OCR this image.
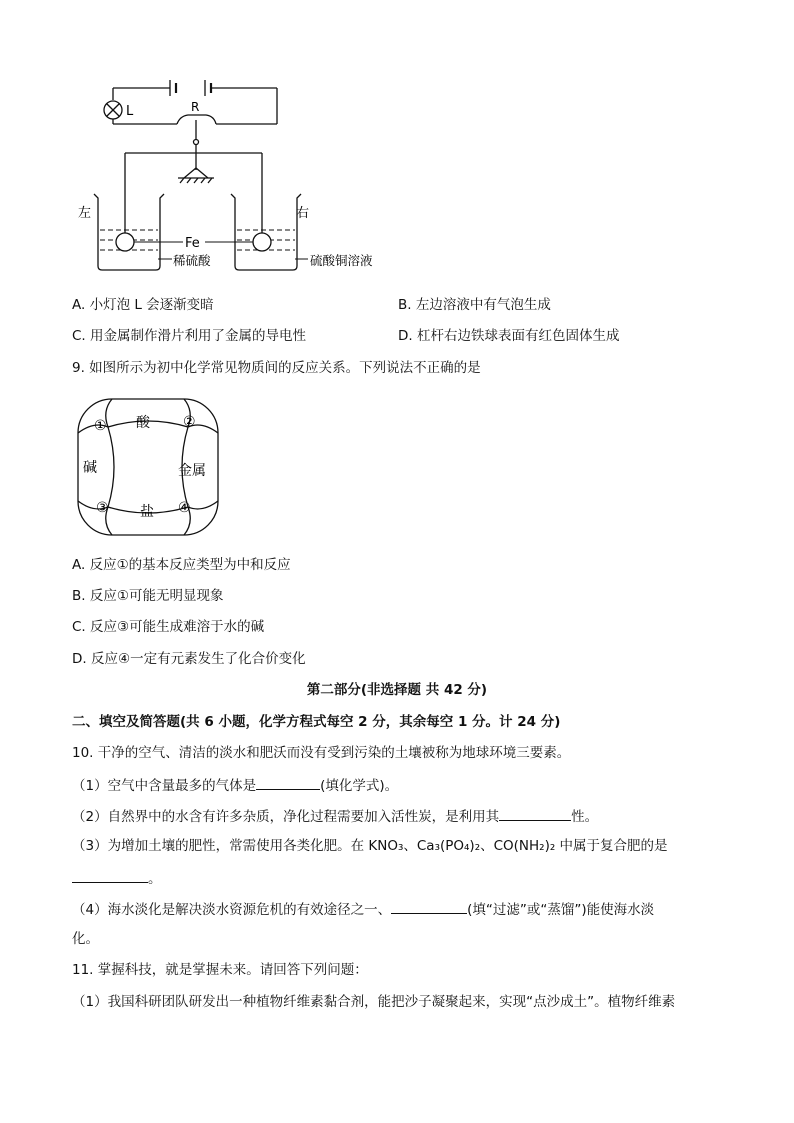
L	R
左	右
Fe
稀硫酸	硫酸铜溶液
A. 小灯泡 L 会逐渐变暗	B. 左边溶液中有气泡生成
C. 用金属制作滑片利用了金属的导电性	D. 杠杆右边铁球表面有红色固体生成
9. 如图所示为初中化学常见物质间的反应关系。下列说法不正确的是
酸
碱	金属
盐
①	②
③	④
A. 反应①的基本反应类型为中和反应
B. 反应①可能无明显现象
C. 反应③可能生成难溶于水的碱
D. 反应④一定有元素发生了化合价变化
第二部分(非选择题 共 42 分)
二、填空及简答题(共 6 小题，化学方程式每空 2 分，其余每空 1 分。计 24 分)
10. 干净的空气、清洁的淡水和肥沃而没有受到污染的土壤被称为地球环境三要素。
（1）空气中含量最多的气体是	(填化学式)。
（2）自然界中的水含有许多杂质，净化过程需要加入活性炭，是利用其	性。
（3）为增加土壤的肥性，常需使用各类化肥。在 KNO₃、Ca₃(PO₄)₂、CO(NH₂)₂ 中属于复合肥的是
。
（4）海水淡化是解决淡水资源危机的有效途径之一、	(填“过滤”或“蒸馏”)能使海水淡
化。
11. 掌握科技，就是掌握未来。请回答下列问题：
（1）我国科研团队研发出一种植物纤维素黏合剂，能把沙子凝聚起来，实现“点沙成土”。植物纤维素
